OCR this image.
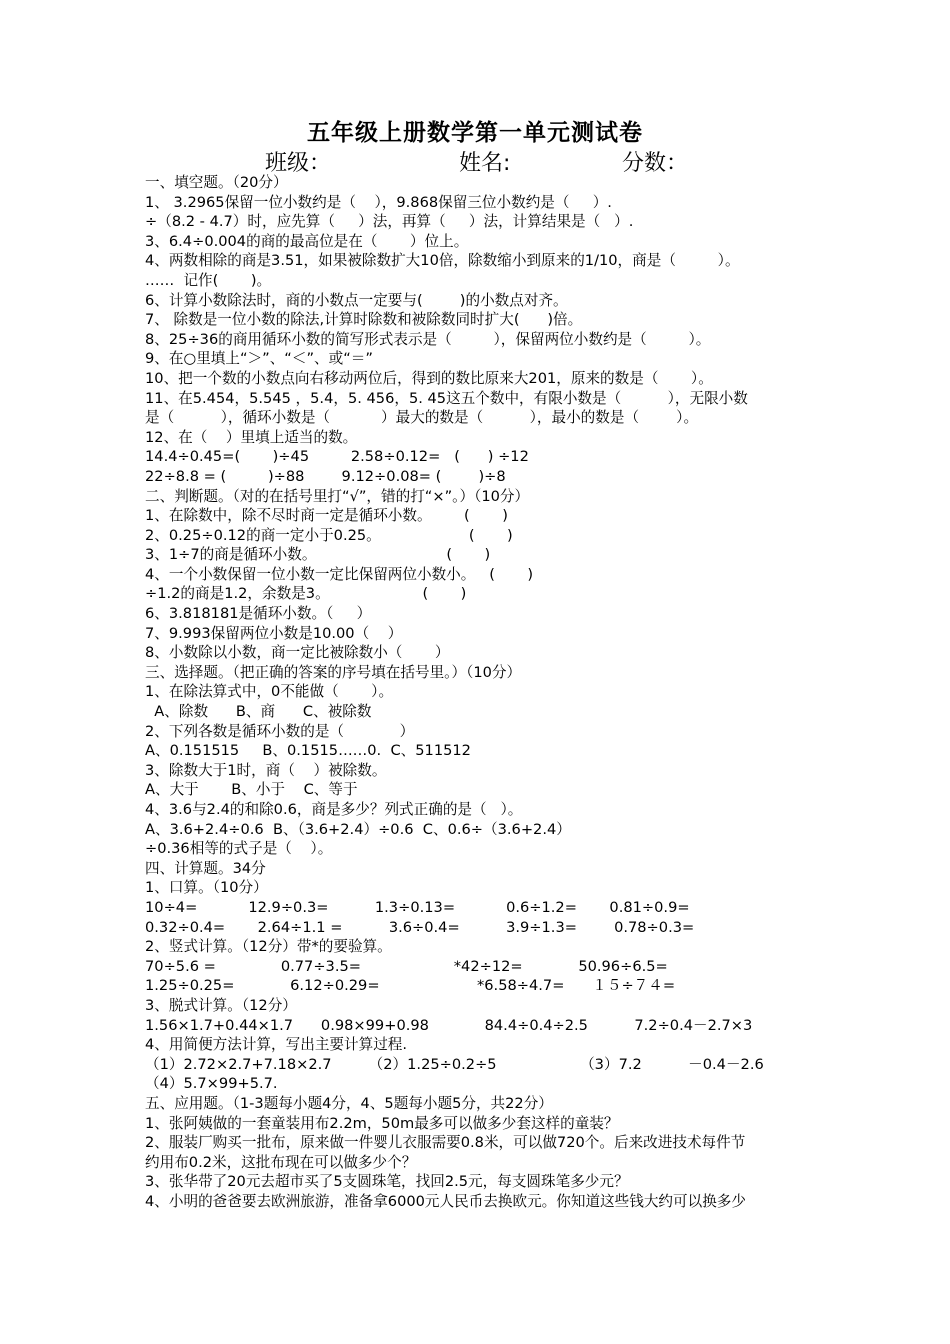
五年级上册数学第一单元测试卷
班级：	姓名:	分数：
一、填空题。（20分）
1、 3.2965保留一位小数约是（    ），9.868保留三位小数约是（     ）.
÷（8.2 - 4.7）时，应先算（     ）法，再算（     ）法，计算结果是（   ）.
3、6.4÷0.004的商的最高位是在（       ）位上。
4、两数相除的商是3.51，如果被除数扩大10倍，除数缩小到原来的1/10，商是（         ）。
……  记作(       )。
6、计算小数除法时，商的小数点一定要与(        )的小数点对齐。
7、 除数是一位小数的除法,计算时除数和被除数同时扩大(      )倍。
8、25÷36的商用循环小数的简写形式表示是（         ），保留两位小数约是（         ）。
9、在○里填上“＞”、“＜”、或“＝”
10、把一个数的小数点向右移动两位后，得到的数比原来大201，原来的数是（       ）。
11、在5.454，5.545 ，5.4，5. 456，5. 45这五个数中，有限小数是（          ），无限小数
是（          ），循环小数是（           ）最大的数是（          ），最小的数是（        ）。
12、在（    ）里填上适当的数。
14.4÷0.45=(       )÷45         2.58÷0.12=   (      ) ÷12
22÷8.8 = (         )÷88        9.12÷0.08= (        )÷8
二、判断题。（对的在括号里打“√”，错的打“×”。）（10分）
1、在除数中，除不尽时商一定是循环小数。       (       )
2、0.25÷0.12的商一定小于0.25。                   (       )
3、1÷7的商是循环小数。                            (       )
4、一个小数保留一位小数一定比保留两位小数小。   (       )
÷1.2的商是1.2，余数是3。                    (       )
6、3.818181是循环小数。（     ）
7、9.993保留两位小数是10.00（    ）
8、小数除以小数，商一定比被除数小（       ）
三、选择题。（把正确的答案的序号填在括号里。）（10分）
1、在除法算式中，0不能做（       ）。
A、除数      B、商      C、被除数
2、下列各数是循环小数的是（            ）
A、0.151515     B、0.1515……0.  C、511512
3、除数大于1时，商（    ）被除数。
A、大于       B、小于    C、等于
4、3.6与2.4的和除0.6，商是多少？列式正确的是（   ）。
A、3.6+2.4÷0.6  B、（3.6+2.4）÷0.6  C、0.6÷（3.6+2.4）
÷0.36相等的式子是（    ）。
四、计算题。34分
1、口算。（10分）
10÷4=           12.9÷0.3=          1.3÷0.13=           0.6÷1.2=       0.81÷0.9=
0.32÷0.4=       2.64÷1.1 =          3.6÷0.4=          3.9÷1.3=        0.78÷0.3=
2、竖式计算。（12分）带*的要验算。
70÷5.6 =              0.77÷3.5=                    *42÷12=            50.96÷6.5=
1.25÷0.25=            6.12÷0.29=                     *6.58÷4.7=      １５÷７４=
3、脱式计算。（12分）
1.56×1.7+0.44×1.7      0.98×99+0.98            84.4÷0.4÷2.5          7.2÷0.4－2.7×3
4、用简便方法计算，写出主要计算过程.
（1）2.72×2.7+7.18×2.7        （2）1.25÷0.2÷5                  （3）7.2          －0.4－2.6
（4）5.7×99+5.7.
五、应用题。（1-3题每小题4分，4、5题每小题5分，共22分）
1、张阿姨做的一套童装用布2.2m，50m最多可以做多少套这样的童装？
2、服装厂购买一批布，原来做一件婴儿衣服需要0.8米，可以做720个。后来改进技术每件节
约用布0.2米，这批布现在可以做多少个？
3、张华带了20元去超市买了5支圆珠笔，找回2.5元，每支圆珠笔多少元？
4、小明的爸爸要去欧洲旅游，准备拿6000元人民币去换欧元。你知道这些钱大约可以换多少
